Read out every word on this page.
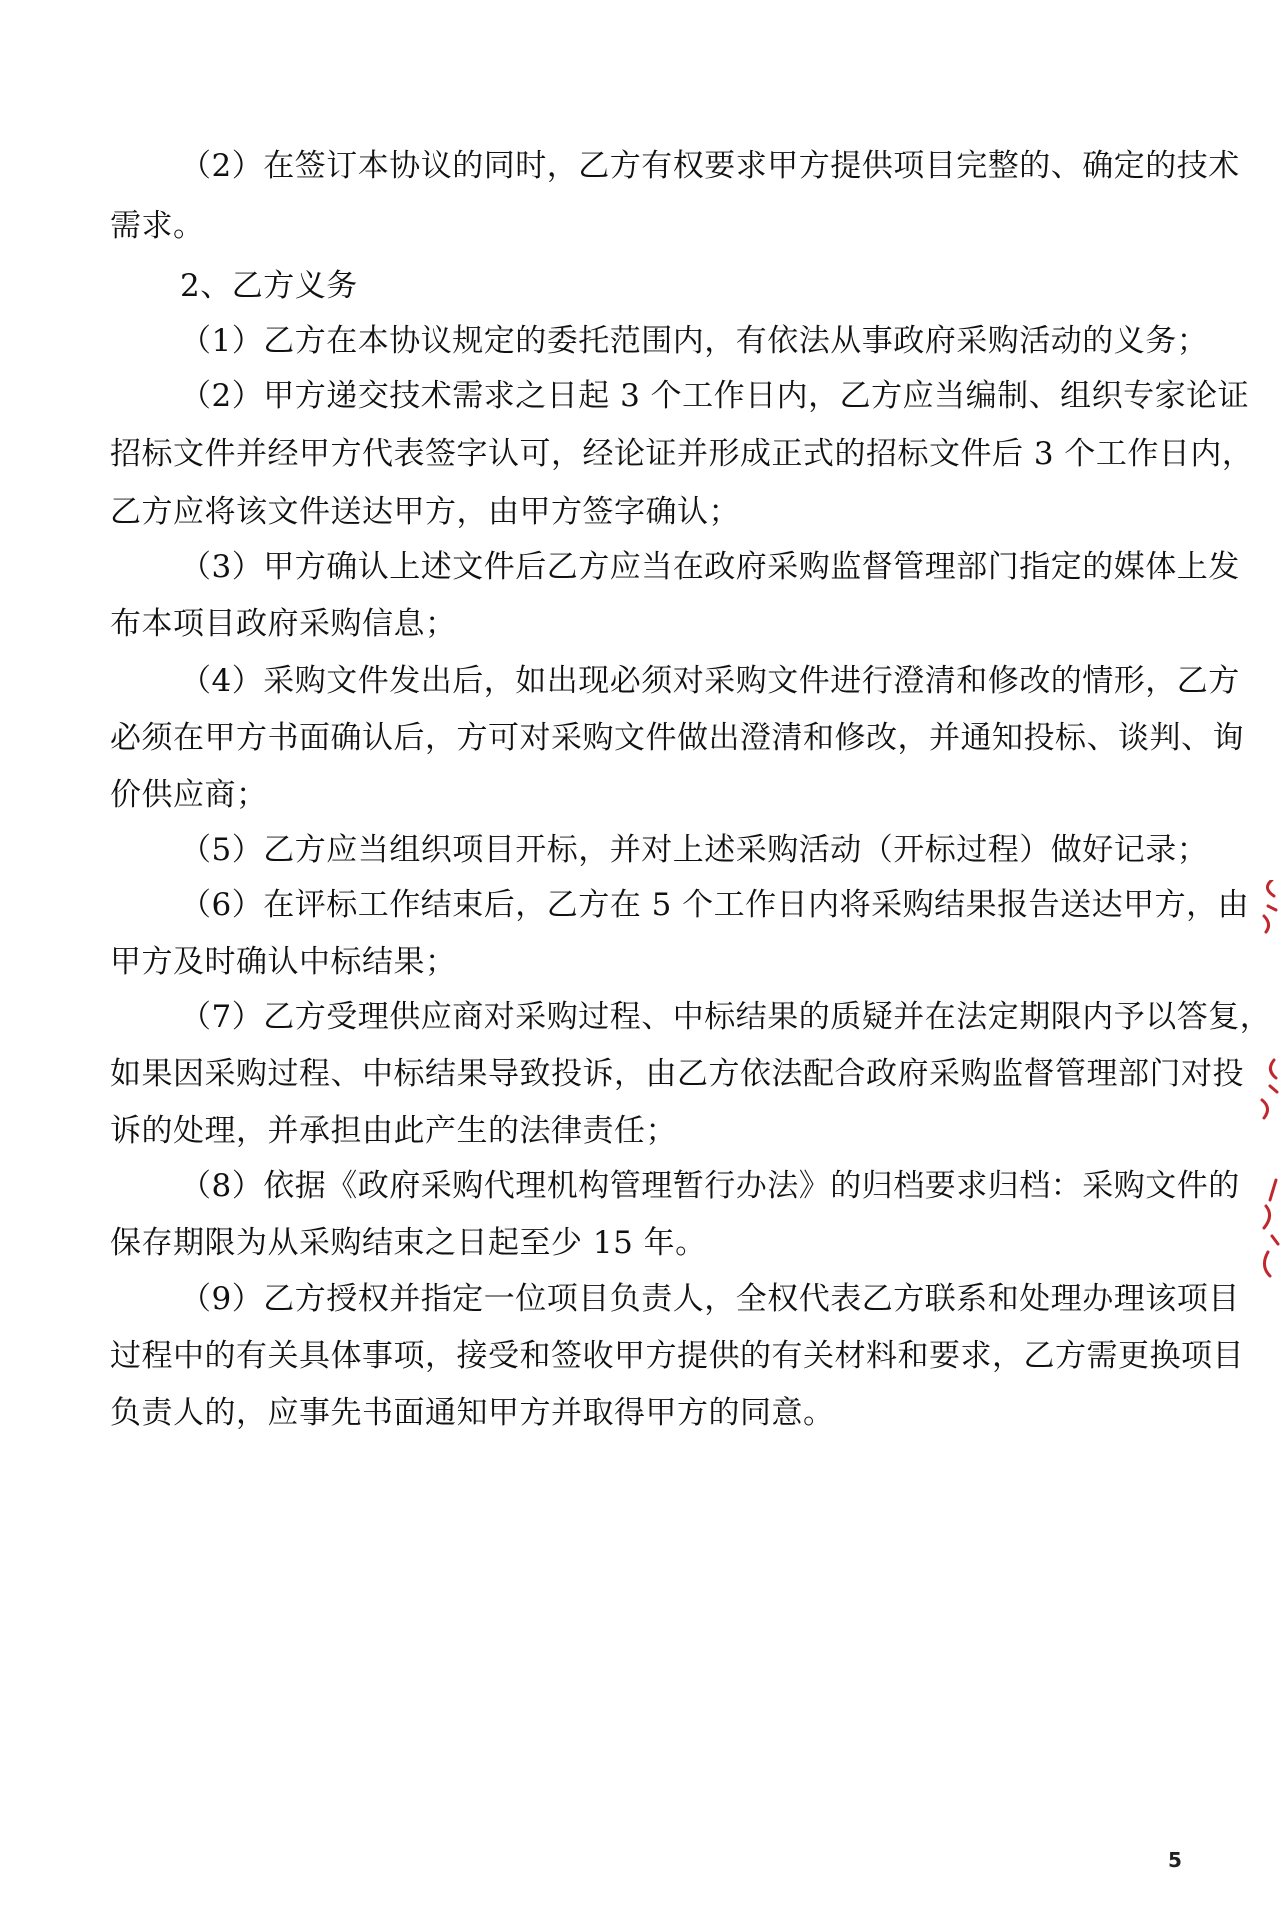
（2）在签订本协议的同时，乙方有权要求甲方提供项目完整的、确定的技术
需求。
2、乙方义务
（1）乙方在本协议规定的委托范围内，有依法从事政府采购活动的义务；
（2）甲方递交技术需求之日起 3 个工作日内，乙方应当编制、组织专家论证
招标文件并经甲方代表签字认可，经论证并形成正式的招标文件后 3 个工作日内，
乙方应将该文件送达甲方，由甲方签字确认；
（3）甲方确认上述文件后乙方应当在政府采购监督管理部门指定的媒体上发
布本项目政府采购信息；
（4）采购文件发出后，如出现必须对采购文件进行澄清和修改的情形，乙方
必须在甲方书面确认后，方可对采购文件做出澄清和修改，并通知投标、谈判、询
价供应商；
（5）乙方应当组织项目开标，并对上述采购活动（开标过程）做好记录；
（6）在评标工作结束后，乙方在 5 个工作日内将采购结果报告送达甲方，由
甲方及时确认中标结果；
（7）乙方受理供应商对采购过程、中标结果的质疑并在法定期限内予以答复，
如果因采购过程、中标结果导致投诉，由乙方依法配合政府采购监督管理部门对投
诉的处理，并承担由此产生的法律责任；
（8）依据《政府采购代理机构管理暂行办法》的归档要求归档：采购文件的
保存期限为从采购结束之日起至少 15 年。
（9）乙方授权并指定一位项目负责人，全权代表乙方联系和处理办理该项目
过程中的有关具体事项，接受和签收甲方提供的有关材料和要求，乙方需更换项目
负责人的，应事先书面通知甲方并取得甲方的同意。
5
